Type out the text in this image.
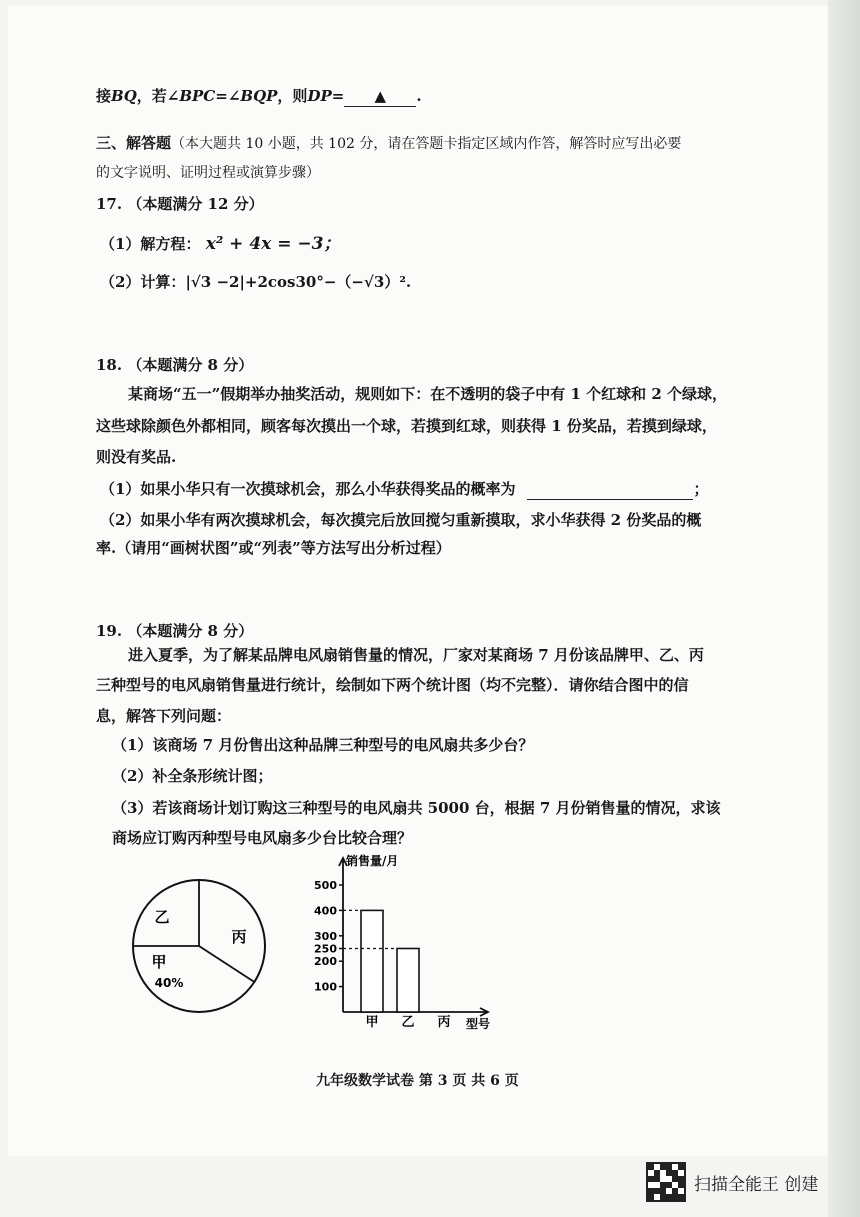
接BQ，若∠BPC=∠BQP，则DP= ▲ .
三、解答题（本大题共 10 小题，共 102 分，请在答题卡指定区域内作答，解答时应写出必要
的文字说明、证明过程或演算步骤）
17. （本题满分 12 分）
（1）解方程： x² + 4x = −3；
（2）计算：|√3 −2|+2cos30°−（−√3）².
18. （本题满分 8 分）
某商场“五一”假期举办抽奖活动，规则如下：在不透明的袋子中有 1 个红球和 2 个绿球，
这些球除颜色外都相同，顾客每次摸出一个球，若摸到红球，则获得 1 份奖品，若摸到绿球，
则没有奖品.
（1）如果小华只有一次摸球机会，那么小华获得奖品的概率为	；
（2）如果小华有两次摸球机会，每次摸完后放回搅匀重新摸取，求小华获得 2 份奖品的概
率.（请用“画树状图”或“列表”等方法写出分析过程）
19. （本题满分 8 分）
进入夏季，为了解某品牌电风扇销售量的情况，厂家对某商场 7 月份该品牌甲、乙、丙
三种型号的电风扇销售量进行统计，绘制如下两个统计图（均不完整）．请你结合图中的信
息，解答下列问题：
（1）该商场 7 月份售出这种品牌三种型号的电风扇共多少台？
（2）补全条形统计图；
（3）若该商场计划订购这三种型号的电风扇共 5000 台，根据 7 月份销售量的情况，求该
商场应订购丙种型号电风扇多少台比较合理？
甲
乙
丙
40%	100
200
250
300
400
500
销售量/月
甲 乙 丙 型号
九年级数学试卷 第 3 页 共 6 页
扫描全能王 创建
